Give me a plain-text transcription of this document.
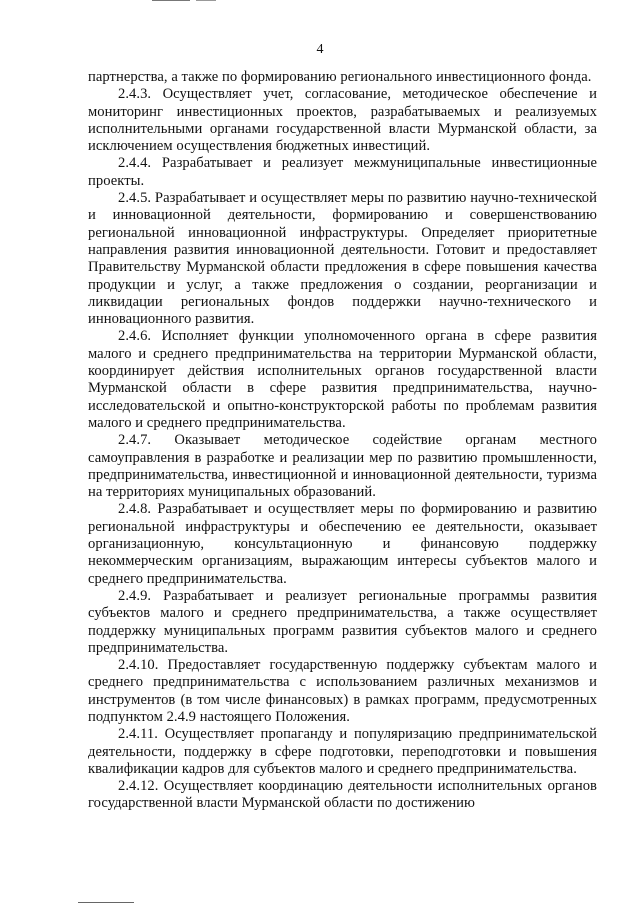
4

партнерства, а также по формированию регионального инвестиционного фонда.

2.4.3. Осуществляет учет, согласование, методическое обеспечение и мониторинг инвестиционных проектов, разрабатываемых и реализуемых исполнительными органами государственной власти Мурманской области, за исключением осуществления бюджетных инвестиций.

2.4.4. Разрабатывает и реализует межмуниципальные инвестиционные проекты.

2.4.5. Разрабатывает и осуществляет меры по развитию научно-технической и инновационной деятельности, формированию и совершенствованию региональной инновационной инфраструктуры. Определяет приоритетные направления развития инновационной деятельности. Готовит и предоставляет Правительству Мурманской области предложения в сфере повышения качества продукции и услуг, а также предложения о создании, реорганизации и ликвидации региональных фондов поддержки научно-технического и инновационного развития.

2.4.6. Исполняет функции уполномоченного органа в сфере развития малого и среднего предпринимательства на территории Мурманской области, координирует действия исполнительных органов государственной власти Мурманской области в сфере развития предпринимательства, научно-исследовательской и опытно-конструкторской работы по проблемам развития малого и среднего предпринимательства.

2.4.7. Оказывает методическое содействие органам местного самоуправления в разработке и реализации мер по развитию промышленности, предпринимательства, инвестиционной и инновационной деятельности, туризма на территориях муниципальных образований.

2.4.8. Разрабатывает и осуществляет меры по формированию и развитию региональной инфраструктуры и обеспечению ее деятельности, оказывает организационную, консультационную и финансовую поддержку некоммерческим организациям, выражающим интересы субъектов малого и среднего предпринимательства.

2.4.9. Разрабатывает и реализует региональные программы развития субъектов малого и среднего предпринимательства, а также осуществляет поддержку муниципальных программ развития субъектов малого и среднего предпринимательства.

2.4.10. Предоставляет государственную поддержку субъектам малого и среднего предпринимательства с использованием различных механизмов и инструментов (в том числе финансовых) в рамках программ, предусмотренных подпунктом 2.4.9 настоящего Положения.

2.4.11. Осуществляет пропаганду и популяризацию предпринимательской деятельности, поддержку в сфере подготовки, переподготовки и повышения квалификации кадров для субъектов малого и среднего предпринимательства.

2.4.12. Осуществляет координацию деятельности исполнительных органов государственной власти Мурманской области по достижению
